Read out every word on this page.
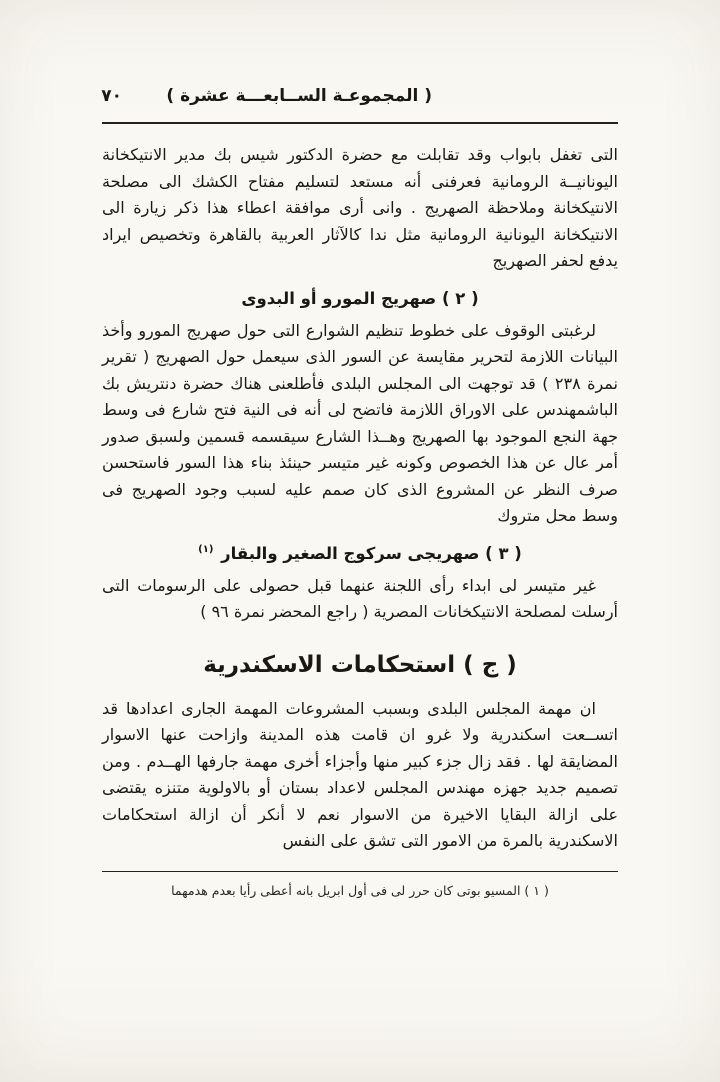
( المجموعـة الســابعـــة عشرة )
٧٠

التى تغفل بابواب وقد تقابلت مع حضرة الدكتور شيس بك مدير الانتيكخانة اليونانيــة الرومانية فعرفنى أنه مستعد لتسليم مفتاح الكشك الى مصلحة الانتيكخانة وملاحظة الصهريج . وانى أرى موافقة اعطاء هذا ذكر زيارة الى الانتيكخانة اليونانية الرومانية مثل ندا كالآثار العربية بالقاهرة وتخصيص ايراد يدفع لحفر الصهريج

( ٢ ) صهريج المورو أو البدوى

لرغبتى الوقوف على خطوط تنظيم الشوارع التى حول صهريج المورو وأخذ البيانات اللازمة لتحرير مقايسة عن السور الذى سيعمل حول الصهريج ( تقرير نمرة ٢٣٨ ) قد توجهت الى المجلس البلدى فأطلعنى هناك حضرة دنتريش بك الباشمهندس على الاوراق اللازمة فاتضح لى أنه فى النية فتح شارع فى وسط جهة النجع الموجود بها الصهريج وهــذا الشارع سيقسمه قسمين ولسبق صدور أمر عال عن هذا الخصوص وكونه غير متيسر حينئذ بناء هذا السور فاستحسن صرف النظر عن المشروع الذى كان صمم عليه لسبب وجود الصهريج فى وسط محل متروك

( ٣ ) صهريجى سركوج الصغير والبقار $^{(١)}$

غير متيسر لى ابداء رأى اللجنة عنهما قبل حصولى على الرسومات التى أرسلت لمصلحة الانتيكخانات المصرية ( راجع المحضر نمرة ٩٦ )

( ج ) استحكامات الاسكندرية

ان مهمة المجلس البلدى وبسبب المشروعات المهمة الجارى اعدادها قد اتســعت اسكندرية ولا غرو ان قامت هذه المدينة وازاحت عنها الاسوار المضايقة لها . فقد زال جزء كبير منها وأجزاء أخرى مهمة جارفها الهــدم . ومن تصميم جديد جهزه مهندس المجلس لاعداد بستان أو بالاولوية متنزه يقتضى على ازالة البقايا الاخيرة من الاسوار نعم لا أنكر أن ازالة استحكامات الاسكندرية بالمرة من الامور التى تشق على النفس

( ١ ) المسيو بوتى كان حرر لى فى أول ابريل بانه أعطى رأيا بعدم هدمهما
